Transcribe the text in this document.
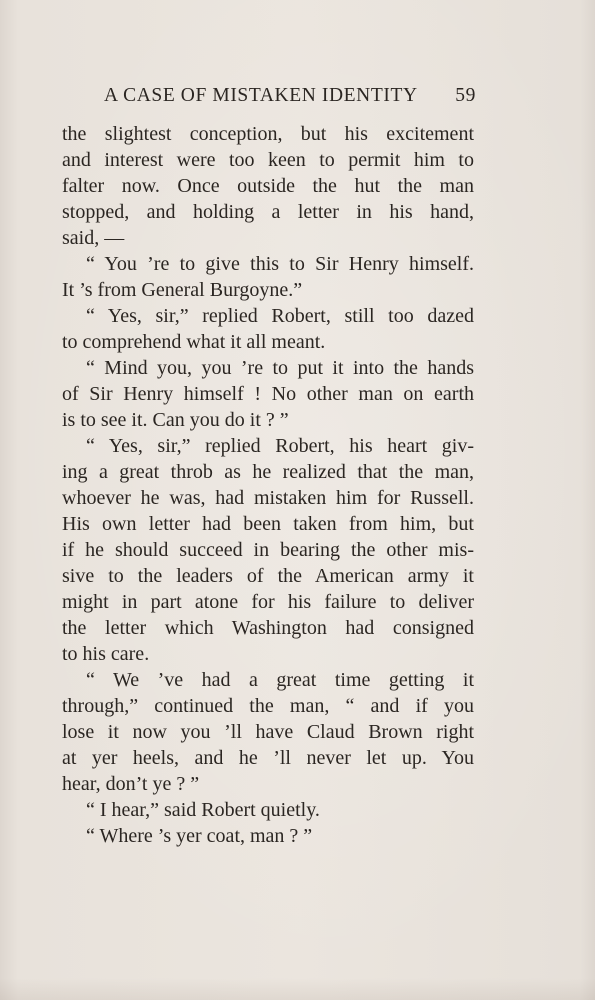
A CASE OF MISTAKEN IDENTITY 59
the slightest conception, but his excitement
and interest were too keen to permit him to
falter now. Once outside the hut the man
stopped, and holding a letter in his hand,
said, —
“ You ’re to give this to Sir Henry himself.
It ’s from General Burgoyne.”
“ Yes, sir,” replied Robert, still too dazed
to comprehend what it all meant.
“ Mind you, you ’re to put it into the hands
of Sir Henry himself ! No other man on earth
is to see it. Can you do it ? ”
“ Yes, sir,” replied Robert, his heart giv-
ing a great throb as he realized that the man,
whoever he was, had mistaken him for Russell.
His own letter had been taken from him, but
if he should succeed in bearing the other mis-
sive to the leaders of the American army it
might in part atone for his failure to deliver
the letter which Washington had consigned
to his care.
“ We ’ve had a great time getting it
through,” continued the man, “ and if you
lose it now you ’ll have Claud Brown right
at yer heels, and he ’ll never let up. You
hear, don’t ye ? ”
“ I hear,” said Robert quietly.
“ Where ’s yer coat, man ? ”
